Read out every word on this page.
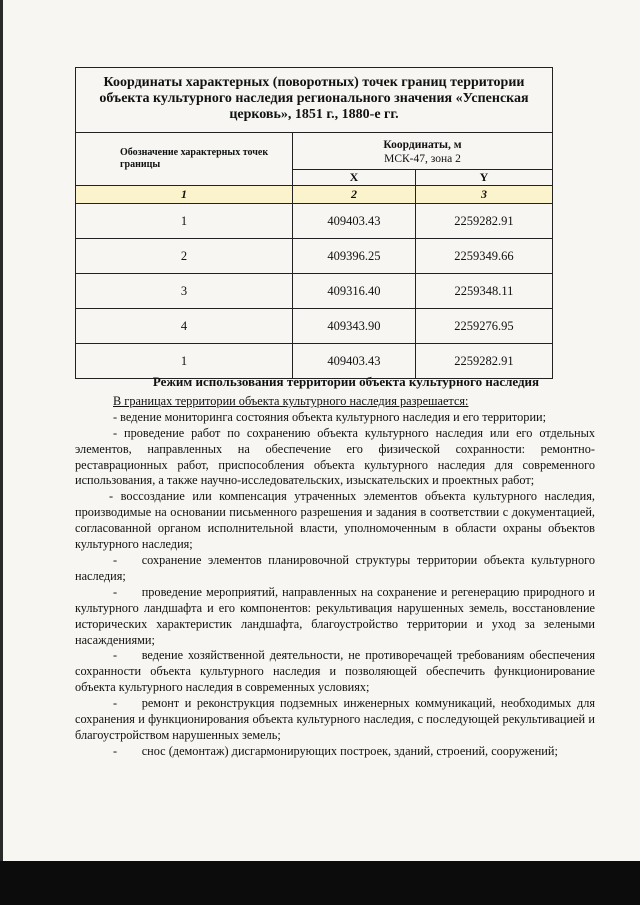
Координаты характерных (поворотных) точек границ территории объекта культурного наследия регионального значения «Успенская церковь», 1851 г., 1880-е гг.		
Обозначение характерных точек границы	Координаты, м
МСК-47, зона 2	
	X	Y
1	2	3
1	409403.43	2259282.91
2	409396.25	2259349.66
3	409316.40	2259348.11
4	409343.90	2259276.95
1	409403.43	2259282.91
Режим использования территории объекта культурного наследия

В границах территории объекта культурного наследия разрешается:

- ведение мониторинга состояния объекта культурного наследия и его территории;

- проведение работ по сохранению объекта культурного наследия или его отдельных элементов, направленных на обеспечение его физической сохранности: ремонтно-реставрационных работ, приспособления объекта культурного наследия для современного использования, а также научно-исследовательских, изыскательских и проектных работ;

- воссоздание или компенсация утраченных элементов объекта культурного наследия, производимые на основании письменного разрешения и задания в соответствии с документацией, согласованной органом исполнительной власти, уполномоченным в области охраны объектов культурного наследия;

-  сохранение элементов планировочной структуры территории объекта культурного наследия;

-  проведение мероприятий, направленных на сохранение и регенерацию природного и культурного ландшафта и его компонентов: рекультивация нарушенных земель, восстановление исторических характеристик ландшафта, благоустройство территории и уход за зелеными насаждениями;

-  ведение хозяйственной деятельности, не противоречащей требованиям обеспечения сохранности объекта культурного наследия и позволяющей обеспечить функционирование объекта культурного наследия в современных условиях;

-  ремонт и реконструкция подземных инженерных коммуникаций, необходимых для сохранения и функционирования объекта культурного наследия, с последующей рекультивацией и благоустройством нарушенных земель;

-  снос (демонтаж) дисгармонирующих построек, зданий, строений, сооружений;
